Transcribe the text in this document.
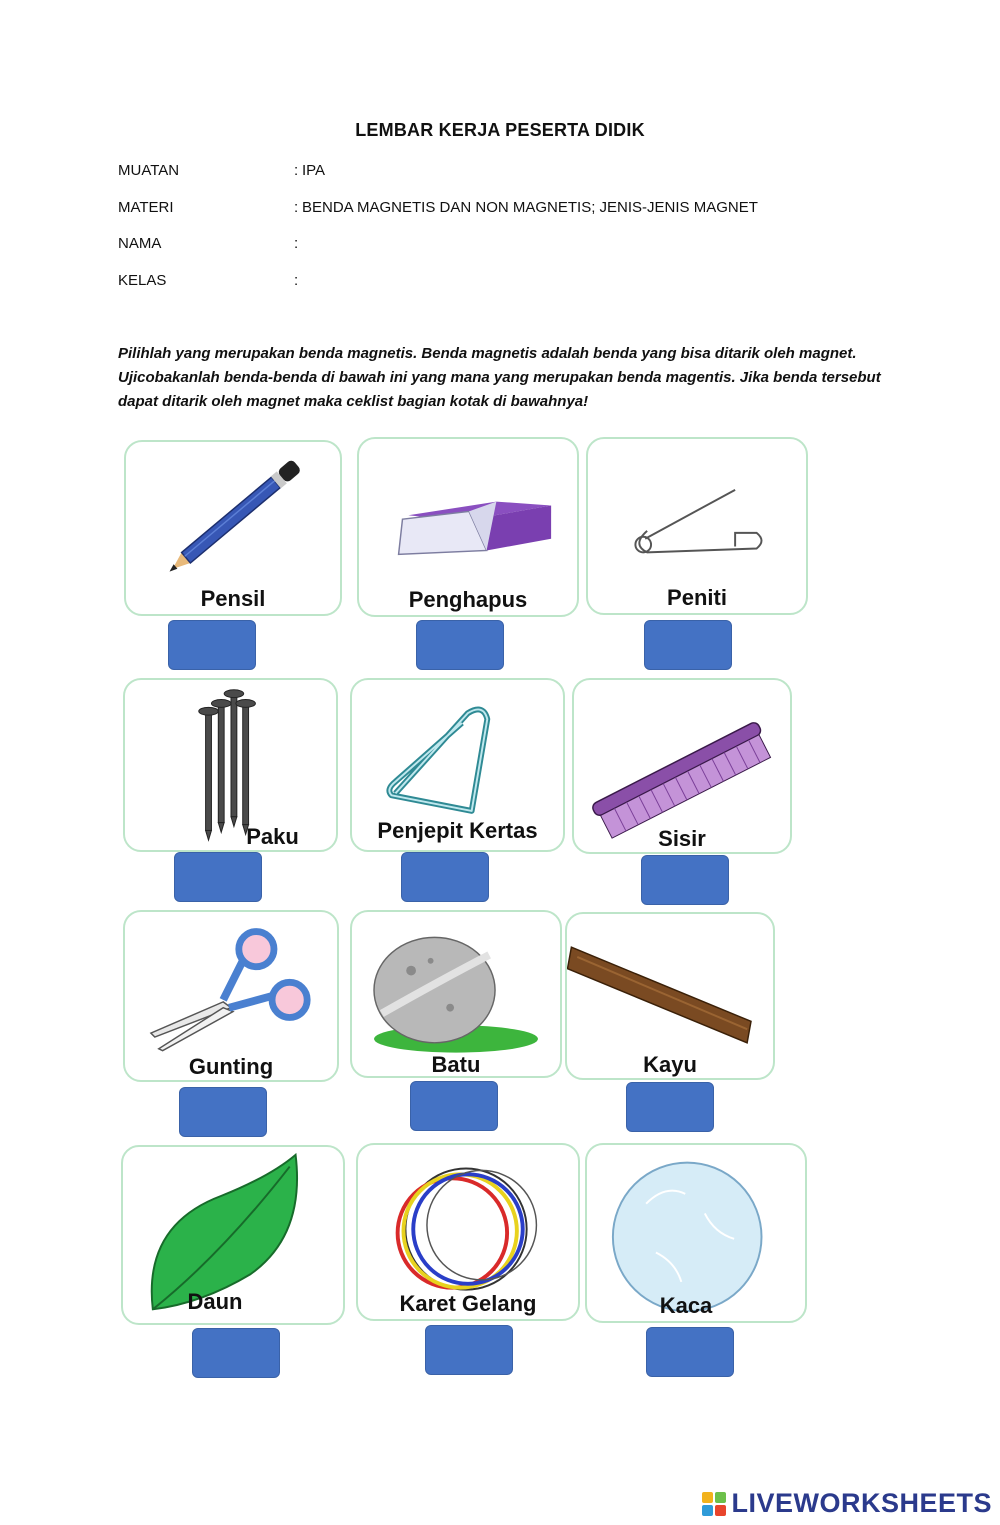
LEMBAR KERJA PESERTA DIDIK
MUATAN	: IPA
MATERI	: BENDA MAGNETIS DAN NON MAGNETIS; JENIS-JENIS MAGNET
NAMA	:
KELAS	:
Pilihlah yang merupakan benda magnetis. Benda magnetis adalah benda yang bisa ditarik oleh magnet. Ujicobakanlah benda-benda di bawah ini yang mana yang merupakan benda magentis. Jika benda tersebut dapat ditarik oleh magnet maka ceklist bagian kotak di bawahnya!
Pensil	Penghapus	Peniti
Paku	Penjepit Kertas	Sisir
Gunting	Batu	Kayu
Daun	Karet Gelang	Kaca
LIVEWORKSHEETS
